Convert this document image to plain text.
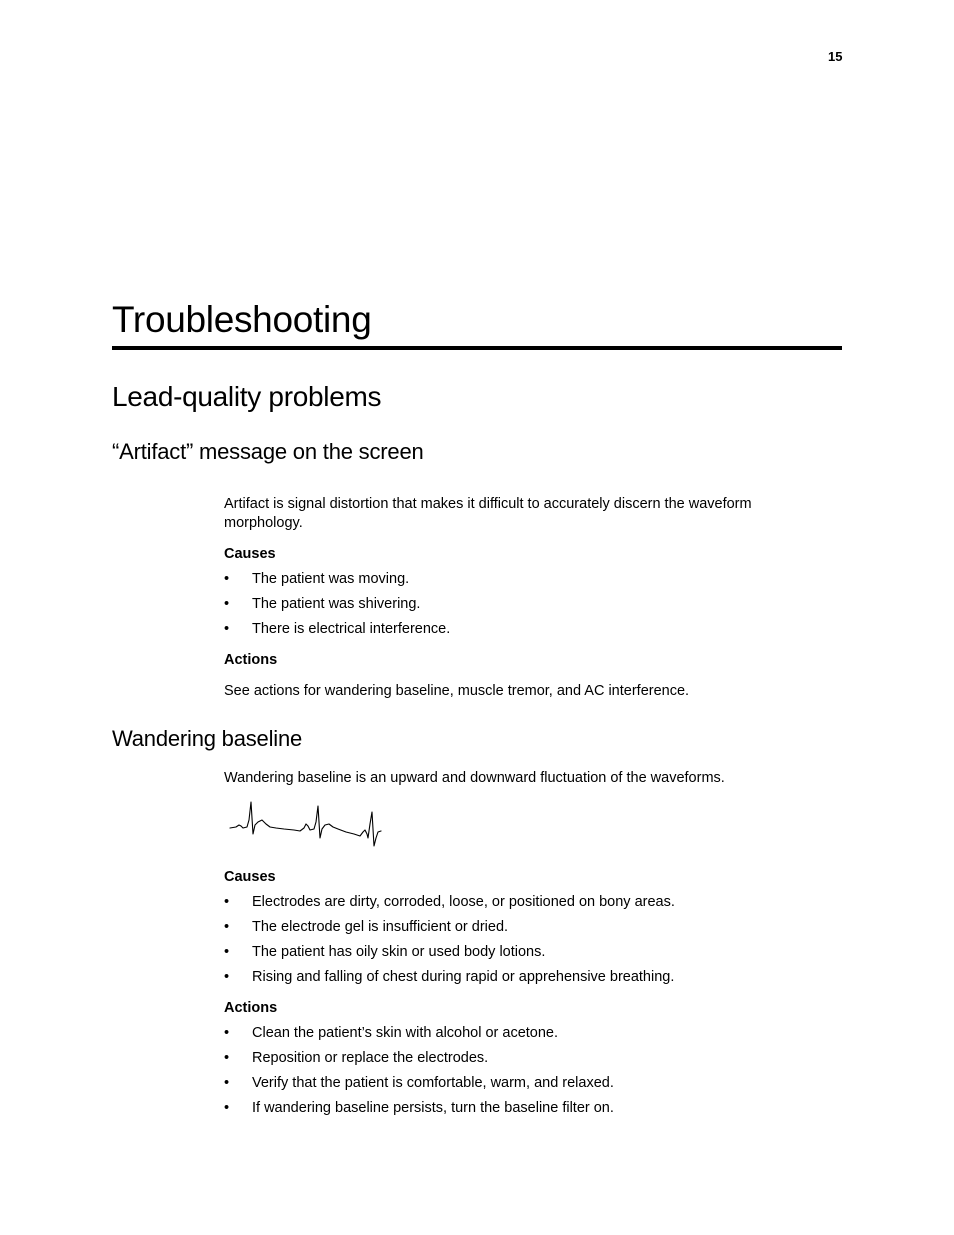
15
Troubleshooting
Lead-quality problems
“Artifact” message on the screen

Artifact is signal distortion that makes it difficult to accurately discern the waveform morphology.

Causes

• The patient was moving.
• The patient was shivering.
• There is electrical interference.

Actions

See actions for wandering baseline, muscle tremor, and AC interference.

Wandering baseline

Wandering baseline is an upward and downward fluctuation of the waveforms.

Causes

• Electrodes are dirty, corroded, loose, or positioned on bony areas.
• The electrode gel is insufficient or dried.
• The patient has oily skin or used body lotions.
• Rising and falling of chest during rapid or apprehensive breathing.

Actions

• Clean the patient’s skin with alcohol or acetone.
• Reposition or replace the electrodes.
• Verify that the patient is comfortable, warm, and relaxed.
• If wandering baseline persists, turn the baseline filter on.
